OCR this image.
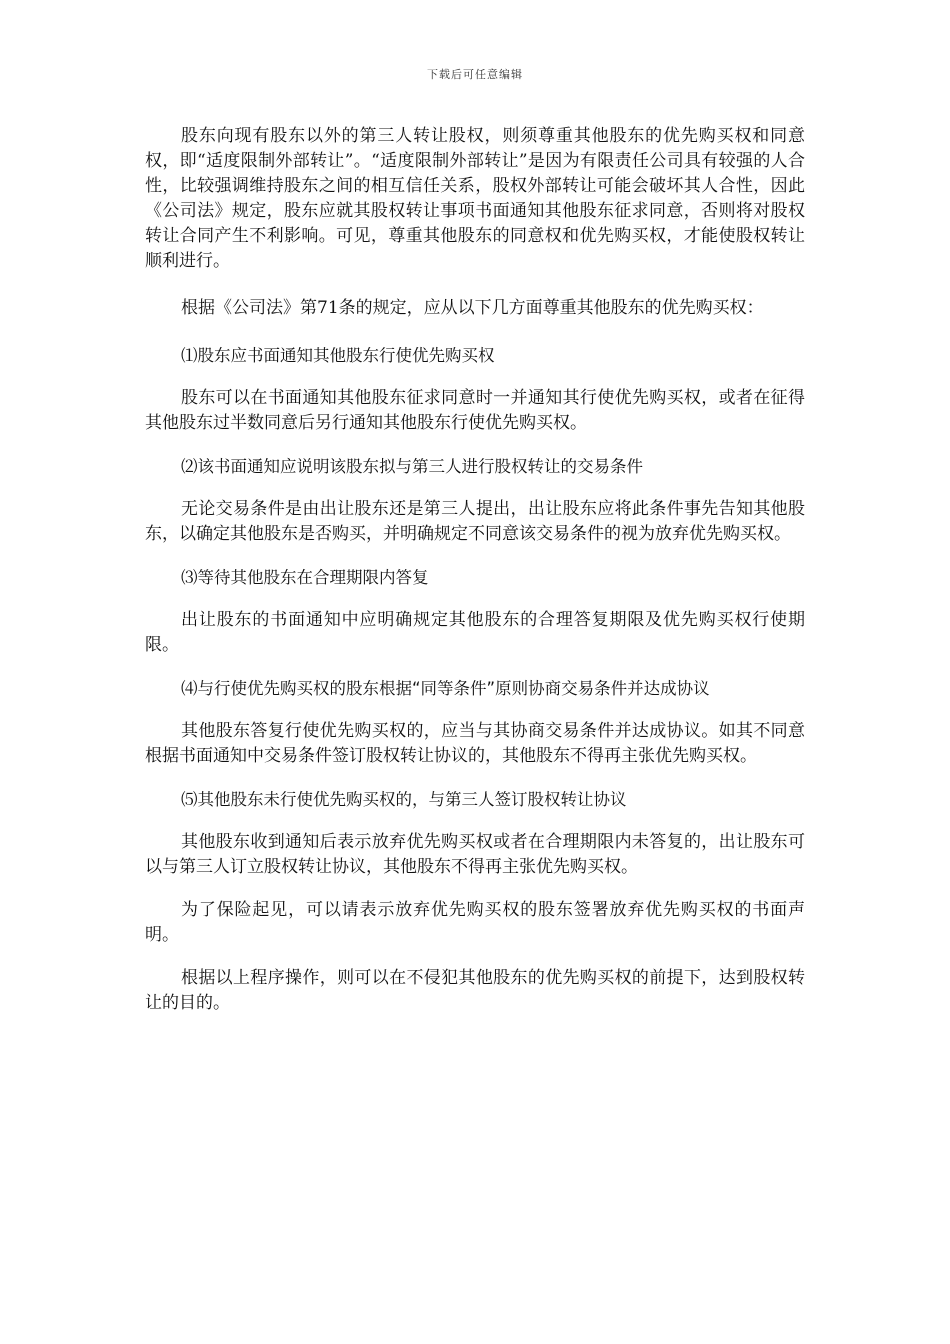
下载后可任意编辑

股东向现有股东以外的第三人转让股权，则须尊重其他股东的优先购买权和同意权，即“适度限制外部转让”。“适度限制外部转让”是因为有限责任公司具有较强的人合性，比较强调维持股东之间的相互信任关系，股权外部转让可能会破坏其人合性，因此《公司法》规定，股东应就其股权转让事项书面通知其他股东征求同意，否则将对股权转让合同产生不利影响。可见，尊重其他股东的同意权和优先购买权，才能使股权转让顺利进行。

根据《公司法》第71条的规定，应从以下几方面尊重其他股东的优先购买权：

⑴股东应书面通知其他股东行使优先购买权

股东可以在书面通知其他股东征求同意时一并通知其行使优先购买权，或者在征得其他股东过半数同意后另行通知其他股东行使优先购买权。

⑵该书面通知应说明该股东拟与第三人进行股权转让的交易条件

无论交易条件是由出让股东还是第三人提出，出让股东应将此条件事先告知其他股东，以确定其他股东是否购买，并明确规定不同意该交易条件的视为放弃优先购买权。

⑶等待其他股东在合理期限内答复

出让股东的书面通知中应明确规定其他股东的合理答复期限及优先购买权行使期限。

⑷与行使优先购买权的股东根据“同等条件”原则协商交易条件并达成协议

其他股东答复行使优先购买权的，应当与其协商交易条件并达成协议。如其不同意根据书面通知中交易条件签订股权转让协议的，其他股东不得再主张优先购买权。

⑸其他股东未行使优先购买权的，与第三人签订股权转让协议

其他股东收到通知后表示放弃优先购买权或者在合理期限内未答复的，出让股东可以与第三人订立股权转让协议，其他股东不得再主张优先购买权。

为了保险起见，可以请表示放弃优先购买权的股东签署放弃优先购买权的书面声明。

根据以上程序操作，则可以在不侵犯其他股东的优先购买权的前提下，达到股权转让的目的。
